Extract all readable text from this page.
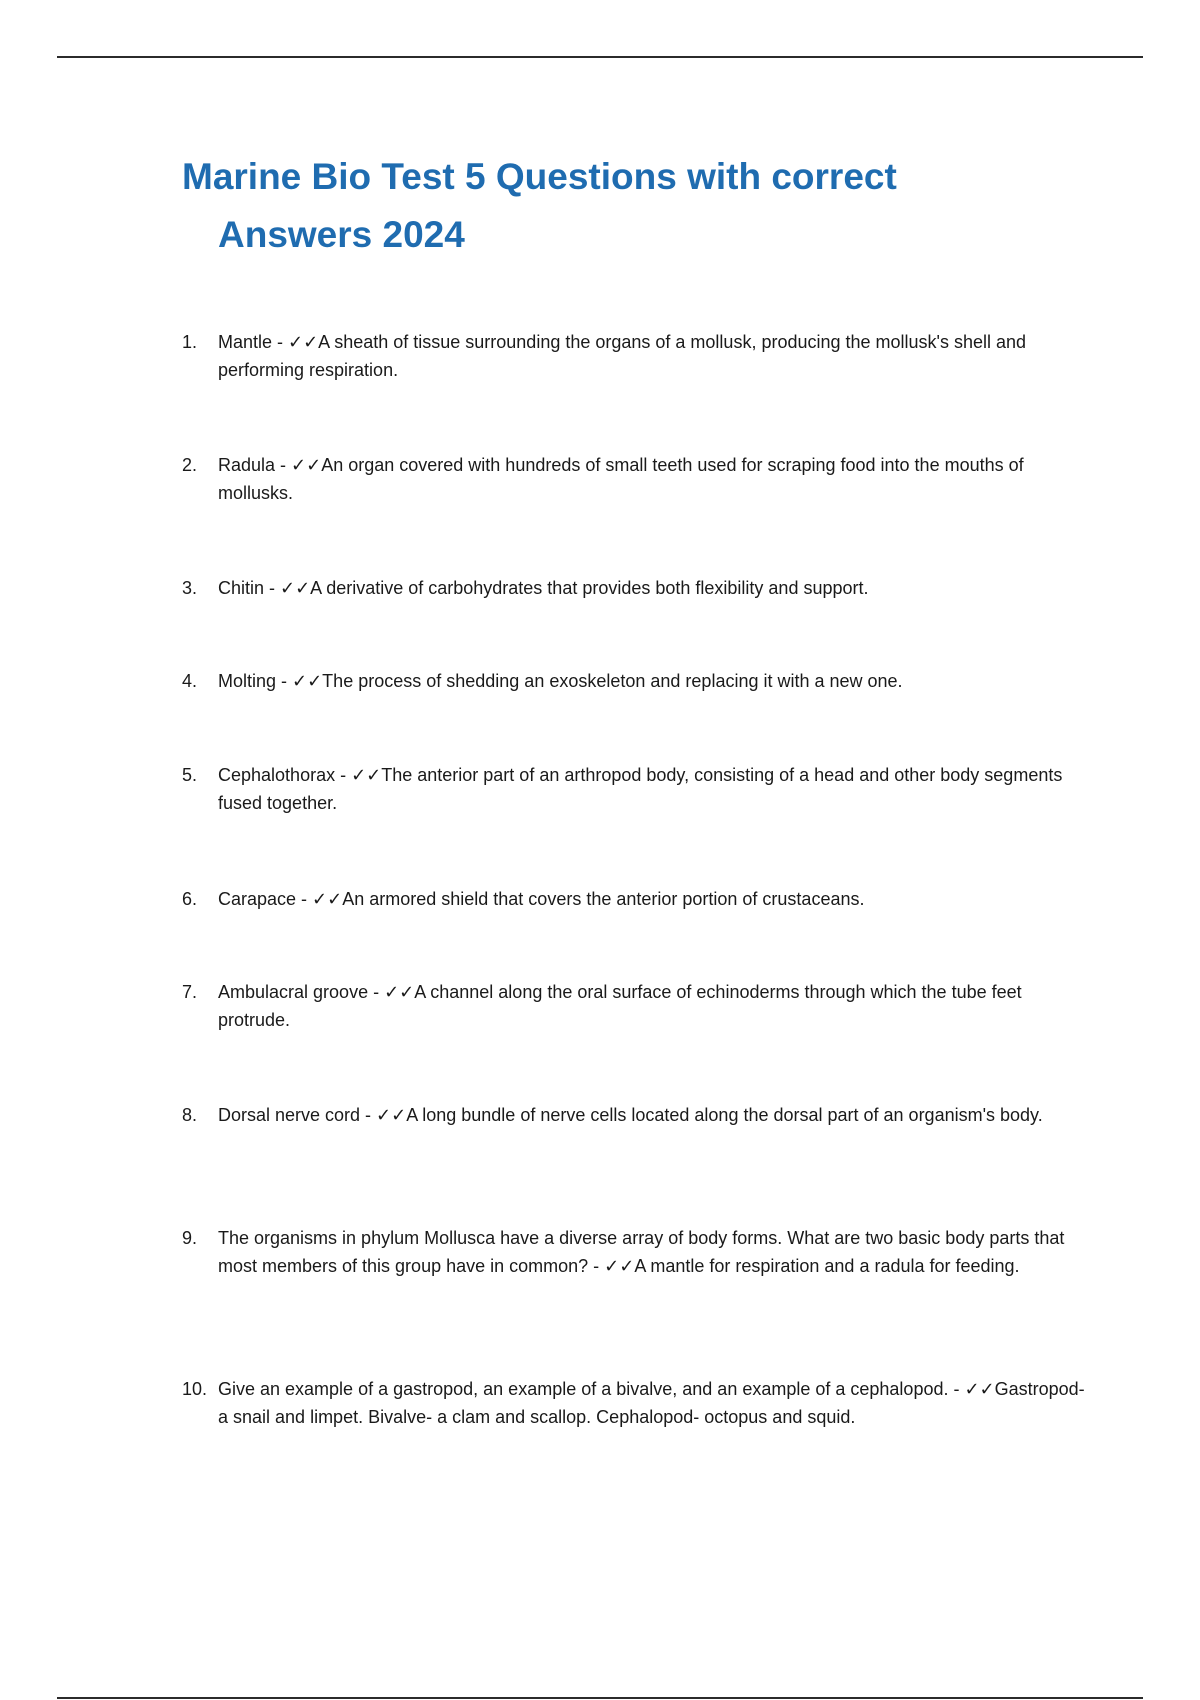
Marine Bio Test 5 Questions with correct Answers 2024
1.	Mantle - ✓✓A sheath of tissue surrounding the organs of a mollusk, producing the mollusk's shell and performing respiration.
2.	Radula - ✓✓An organ covered with hundreds of small teeth used for scraping food into the mouths of mollusks.
3.	Chitin - ✓✓A derivative of carbohydrates that provides both flexibility and support.
4.	Molting - ✓✓The process of shedding an exoskeleton and replacing it with a new one.
5.	Cephalothorax - ✓✓The anterior part of an arthropod body, consisting of a head and other body segments fused together.
6.	Carapace - ✓✓An armored shield that covers the anterior portion of crustaceans.
7.	Ambulacral groove - ✓✓A channel along the oral surface of echinoderms through which the tube feet protrude.
8.	Dorsal nerve cord - ✓✓A long bundle of nerve cells located along the dorsal part of an organism's body.
9.	The organisms in phylum Mollusca have a diverse array of body forms. What are two basic body parts that most members of this group have in common? - ✓✓A mantle for respiration and a radula for feeding.
10. Give an example of a gastropod, an example of a bivalve, and an example of a cephalopod. - ✓✓Gastropod- a snail and limpet. Bivalve- a clam and scallop. Cephalopod- octopus and squid.
